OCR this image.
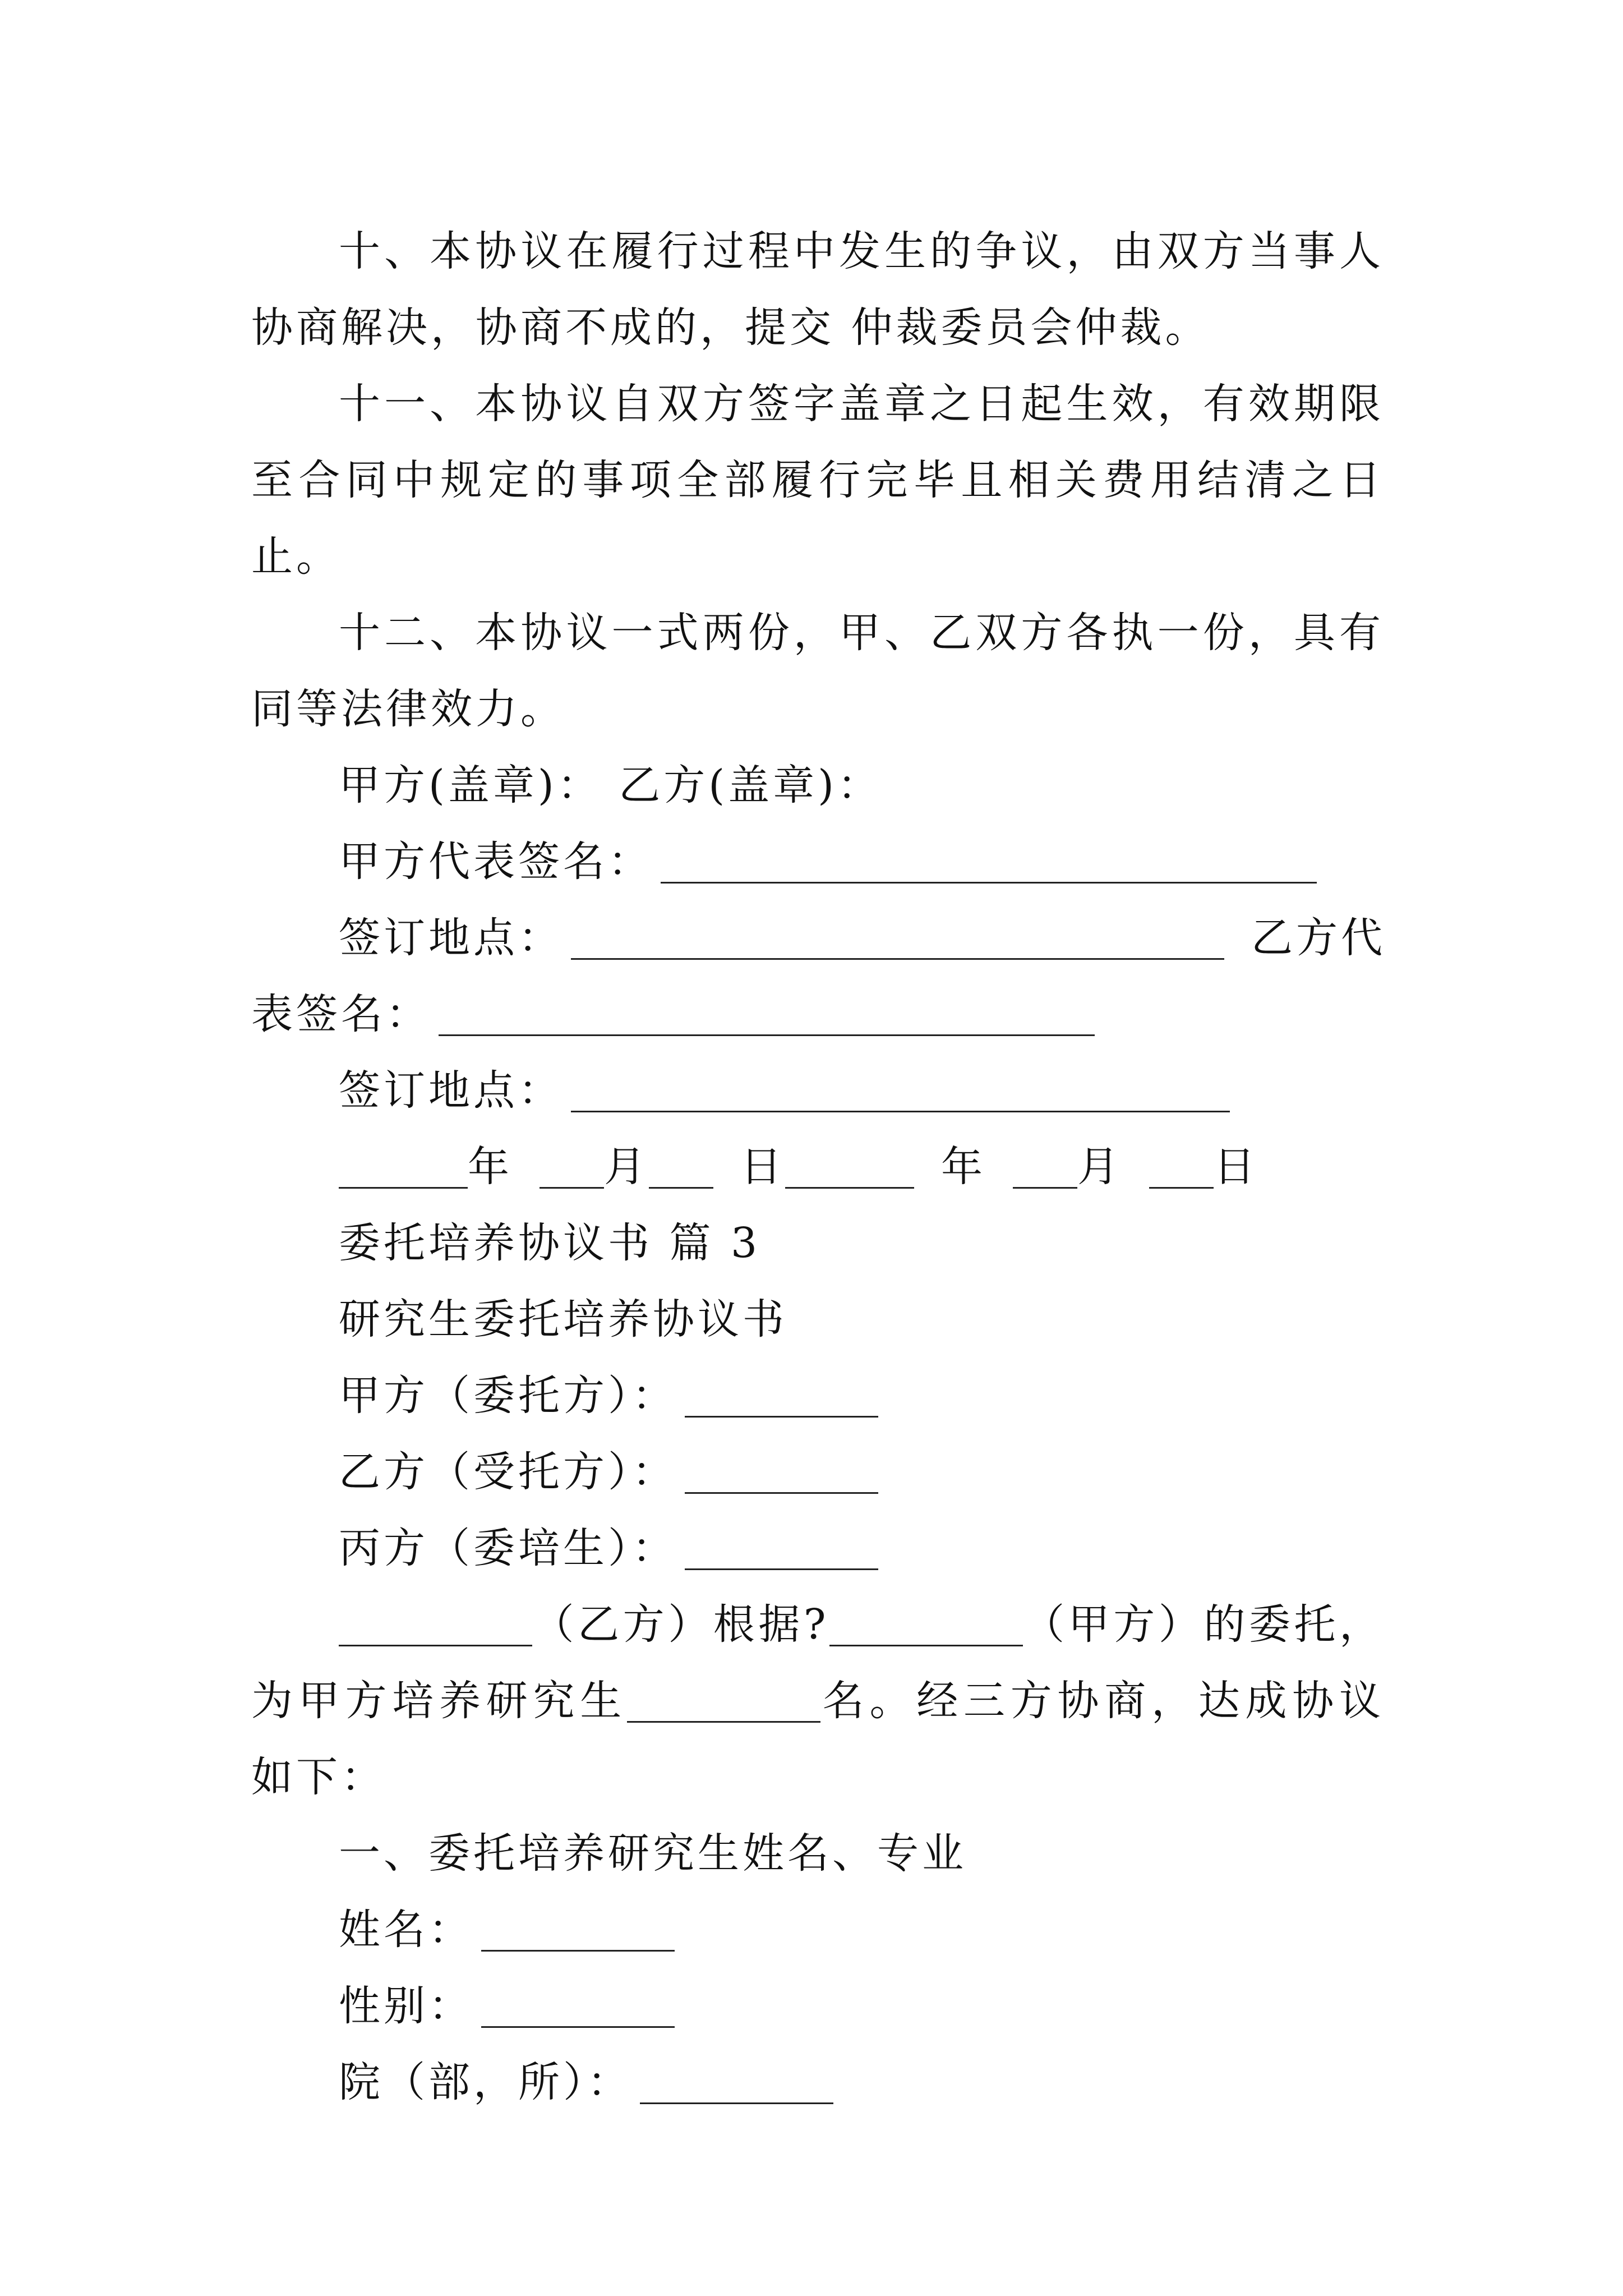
十、本协议在履行过程中发生的争议，由双方当事人协商解决，协商不成的，提交 仲裁委员会仲裁。

十一、本协议自双方签字盖章之日起生效，有效期限至合同中规定的事项全部履行完毕且相关费用结清之日止。

十二、本协议一式两份，甲、乙双方各执一份，具有同等法律效力。

甲方(盖章)： 乙方(盖章)：

甲方代表签名：

签订地点：	乙方代

表签名：

签订地点：

年 月 日	年 月 日

委托培养协议书 篇 3

研究生委托培养协议书

甲方（委托方）：

乙方（受托方）：

丙方（委培生）：

（乙方）根据?	（甲方）的委托，为甲方培养研究生	名。经三方协商，达成协议如下：

一、委托培养研究生姓名、专业

姓名：

性别：

院（部，所）：
